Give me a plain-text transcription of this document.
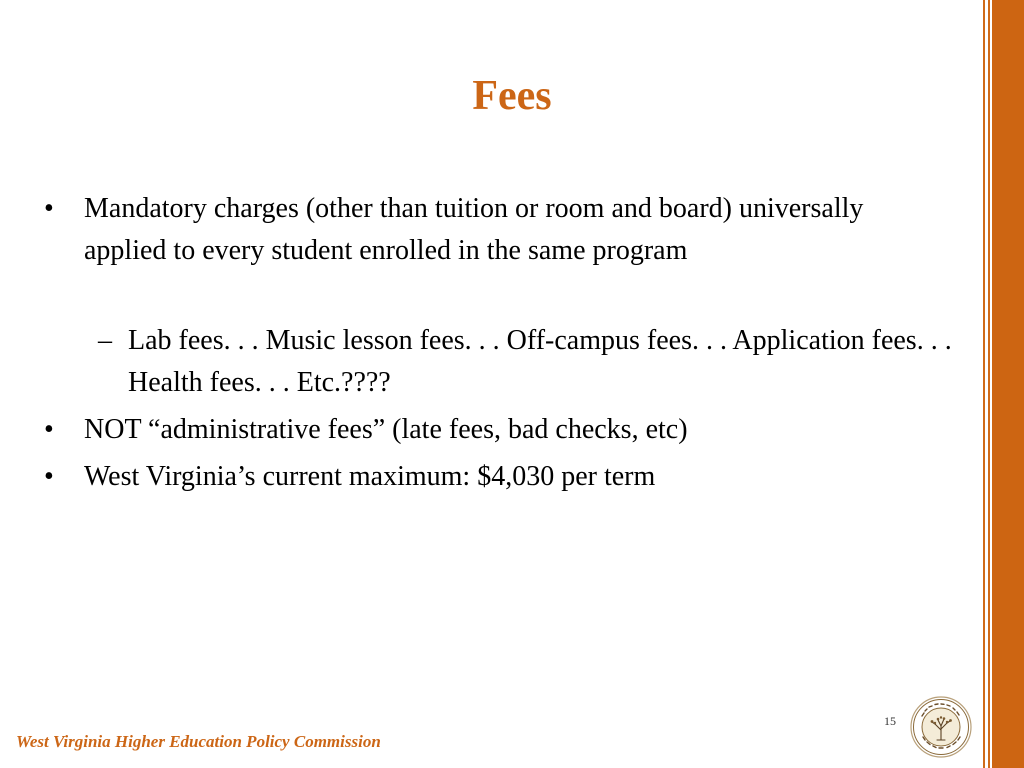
Fees
• Mandatory charges (other than tuition or room and board) universally applied to every student enrolled in the same program
– Lab fees. . . Music lesson fees. . . Off-campus fees. . . Application fees. . . Health fees. . . Etc.????
• NOT “administrative fees” (late fees, bad checks, etc)
• West Virginia’s current maximum: $4,030 per term
West Virginia Higher Education Policy Commission
15
